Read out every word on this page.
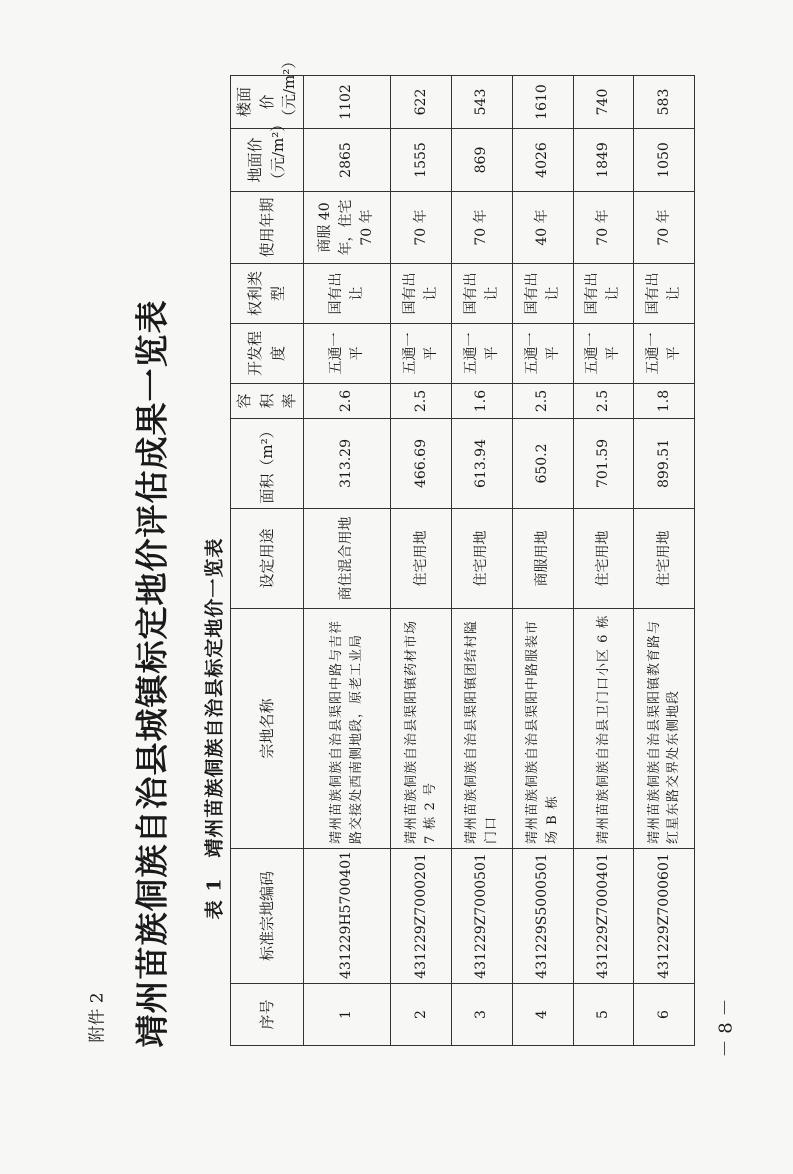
附件 2 靖州苗族侗族自治县城镇标定地价评估成果一览表 表 1　靖州苗族侗族自治县标定地价一览表
序号	标准宗地编码	宗地名称	设定用途	面积（m²）	容积率	开发程度	权利类型	使用年期	地面价（元/m²）	楼面价（元/m²）
1	431229H5700401	靖州苗族侗族自治县渠阳中路与吉祥路交接处西南侧地段，原老工业局	商住混合用地	313.29	2.6	五通一平	国有出让	商服 40 年，住宅 70 年	2865	1102
2	431229Z7000201	靖州苗族侗族自治县渠阳镇药材市场 7 栋 2 号	住宅用地	466.69	2.5	五通一平	国有出让	70 年	1555	622
3	431229Z7000501	靖州苗族侗族自治县渠阳镇团结村隘门口	住宅用地	613.94	1.6	五通一平	国有出让	70 年	869	543
4	431229S5000501	靖州苗族侗族自治县渠阳中路服装市场 B 栋	商服用地	650.2	2.5	五通一平	国有出让	40 年	4026	1610
5	431229Z7000401	靖州苗族侗族自治县卫门口小区 6 栋	住宅用地	701.59	2.5	五通一平	国有出让	70 年	1849	740
6	431229Z7000601	靖州苗族侗族自治县渠阳镇教育路与红星东路交界处东侧地段	住宅用地	899.51	1.8	五通一平	国有出让	70 年	1050	583
－ 8 －
